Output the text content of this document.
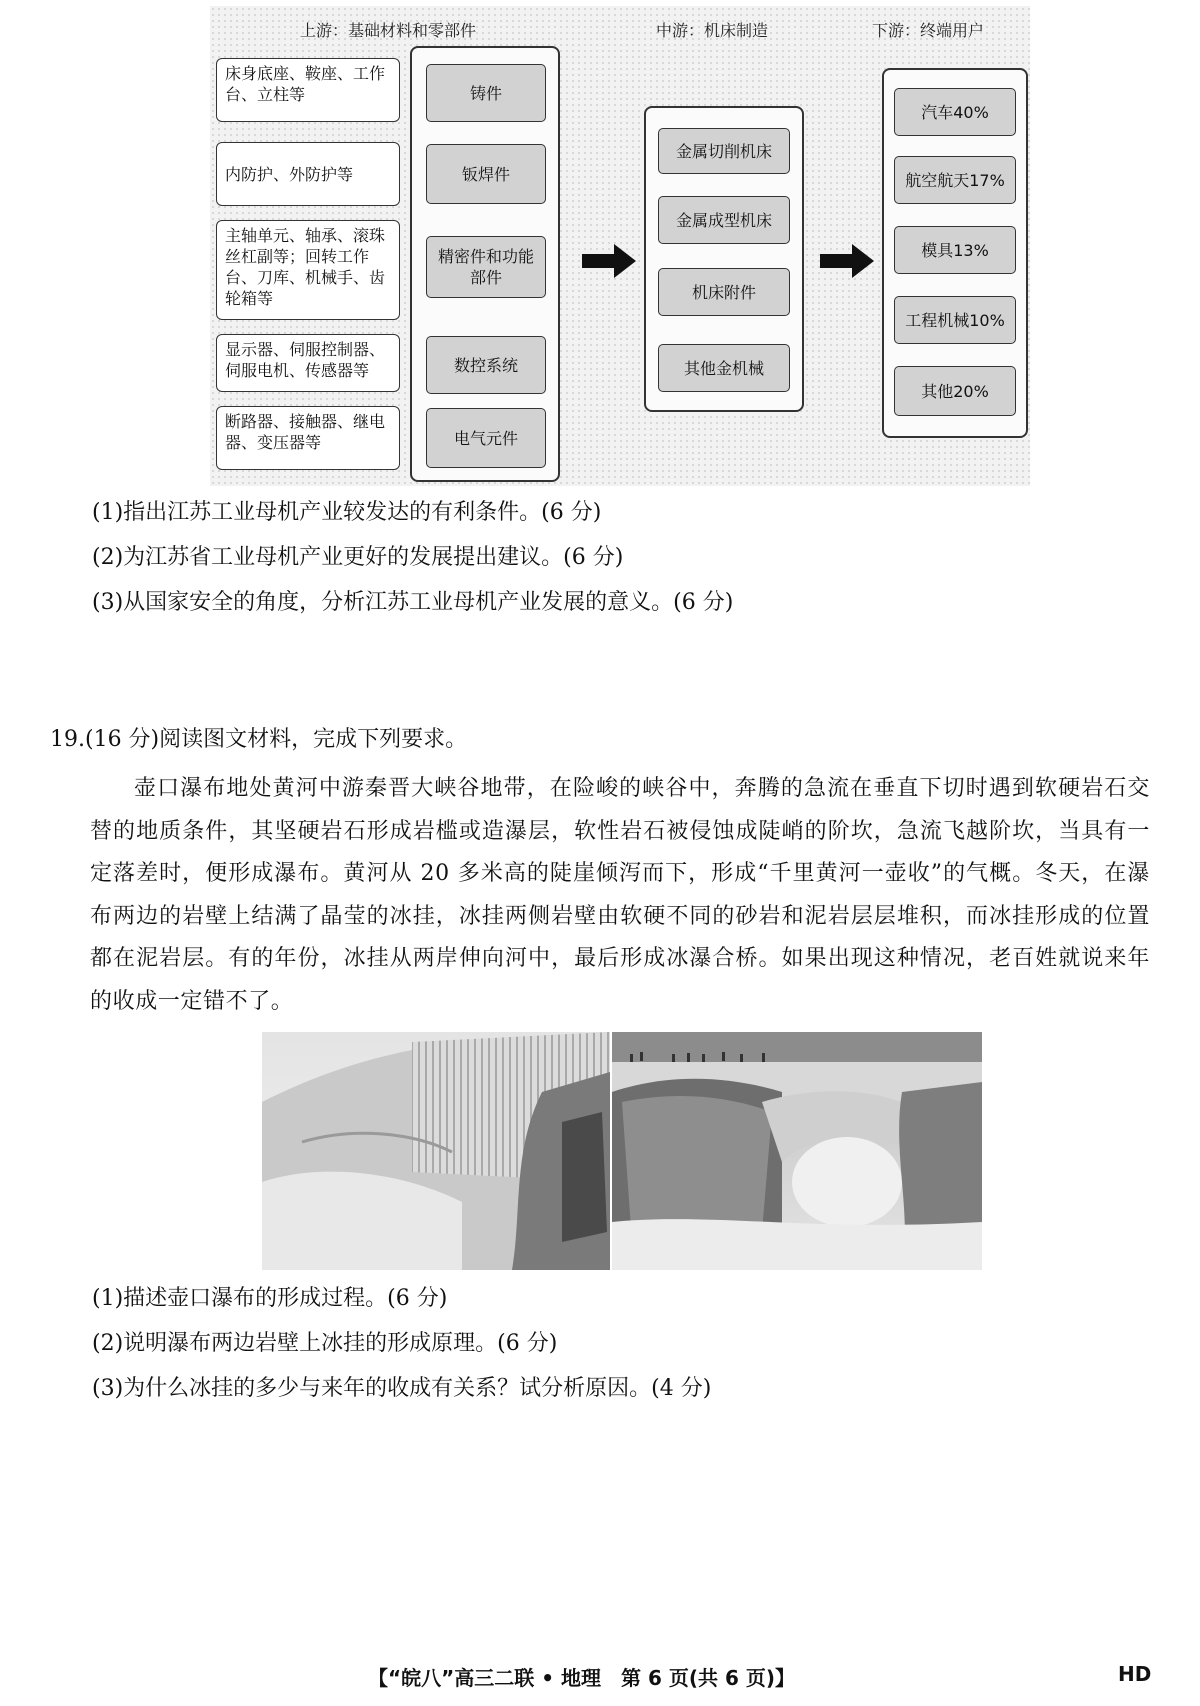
上游：基础材料和零部件	中游：机床制造	下游：终端用户
床身底座、鞍座、工作台、立柱等
内防护、外防护等
主轴单元、轴承、滚珠丝杠副等；回转工作台、刀库、机械手、齿轮箱等
显示器、伺服控制器、伺服电机、传感器等
断路器、接触器、继电器、变压器等
铸件
钣焊件
精密件和功能部件
数控系统
电气元件
金属切削机床
金属成型机床
机床附件
其他金机械
汽车40%
航空航天17%
模具13%
工程机械10%
其他20%
(1)指出江苏工业母机产业较发达的有利条件。(6 分)
(2)为江苏省工业母机产业更好的发展提出建议。(6 分)
(3)从国家安全的角度，分析江苏工业母机产业发展的意义。(6 分)
19.(16 分)阅读图文材料，完成下列要求。
壶口瀑布地处黄河中游秦晋大峡谷地带，在险峻的峡谷中，奔腾的急流在垂直下切时遇到软硬岩石交替的地质条件，其坚硬岩石形成岩槛或造瀑层，软性岩石被侵蚀成陡峭的阶坎，急流飞越阶坎，当具有一定落差时，便形成瀑布。黄河从 20 多米高的陡崖倾泻而下，形成“千里黄河一壶收”的气概。冬天，在瀑布两边的岩壁上结满了晶莹的冰挂，冰挂两侧岩壁由软硬不同的砂岩和泥岩层层堆积，而冰挂形成的位置都在泥岩层。有的年份，冰挂从两岸伸向河中，最后形成冰瀑合桥。如果出现这种情况，老百姓就说来年的收成一定错不了。
(1)描述壶口瀑布的形成过程。(6 分)
(2)说明瀑布两边岩壁上冰挂的形成原理。(6 分)
(3)为什么冰挂的多少与来年的收成有关系？试分析原因。(4 分)
【“皖八”高三二联 • 地理　第 6 页(共 6 页)】	HD
